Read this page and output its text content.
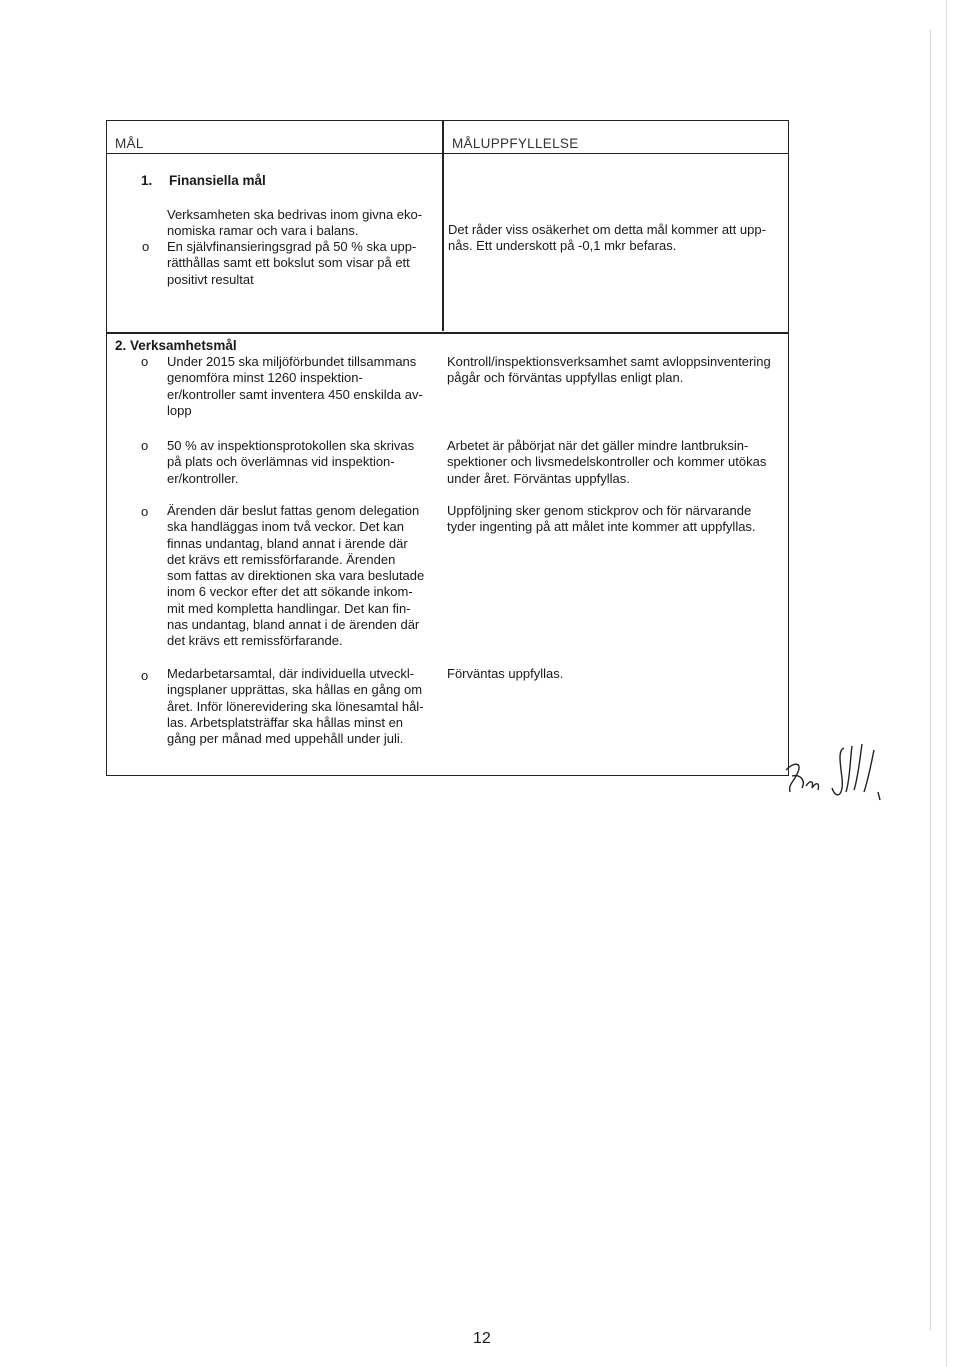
MÅL	MÅLUPPFYLLELSE
1. Finansiella mål
Verksamheten ska bedrivas inom givna eko-
nomiska ramar och vara i balans.
o En självfinansieringsgrad på 50 % ska upp-
rätthållas samt ett bokslut som visar på ett
positivt resultat
Det råder viss osäkerhet om detta mål kommer att upp-
nås. Ett underskott på -0,1 mkr befaras.
2. Verksamhetsmål
o Under 2015 ska miljöförbundet tillsammans
genomföra minst 1260 inspektion-
er/kontroller samt inventera 450 enskilda av-
lopp
Kontroll/inspektionsverksamhet samt avloppsinventering
pågår och förväntas uppfyllas enligt plan.
o 50 % av inspektionsprotokollen ska skrivas
på plats och överlämnas vid inspektion-
er/kontroller.
Arbetet är påbörjat när det gäller mindre lantbruksin-
spektioner och livsmedelskontroller och kommer utökas
under året. Förväntas uppfyllas.
o Ärenden där beslut fattas genom delegation
ska handläggas inom två veckor. Det kan
finnas undantag, bland annat i ärende där
det krävs ett remissförfarande. Ärenden
som fattas av direktionen ska vara beslutade
inom 6 veckor efter det att sökande inkom-
mit med kompletta handlingar. Det kan fin-
nas undantag, bland annat i de ärenden där
det krävs ett remissförfarande.
Uppföljning sker genom stickprov och för närvarande
tyder ingenting på att målet inte kommer att uppfyllas.
o Medarbetarsamtal, där individuella utveckl-
ingsplaner upprättas, ska hållas en gång om
året. Inför lönerevidering ska lönesamtal hål-
las. Arbetsplatsträffar ska hållas minst en
gång per månad med uppehåll under juli.
Förväntas uppfyllas.
12
